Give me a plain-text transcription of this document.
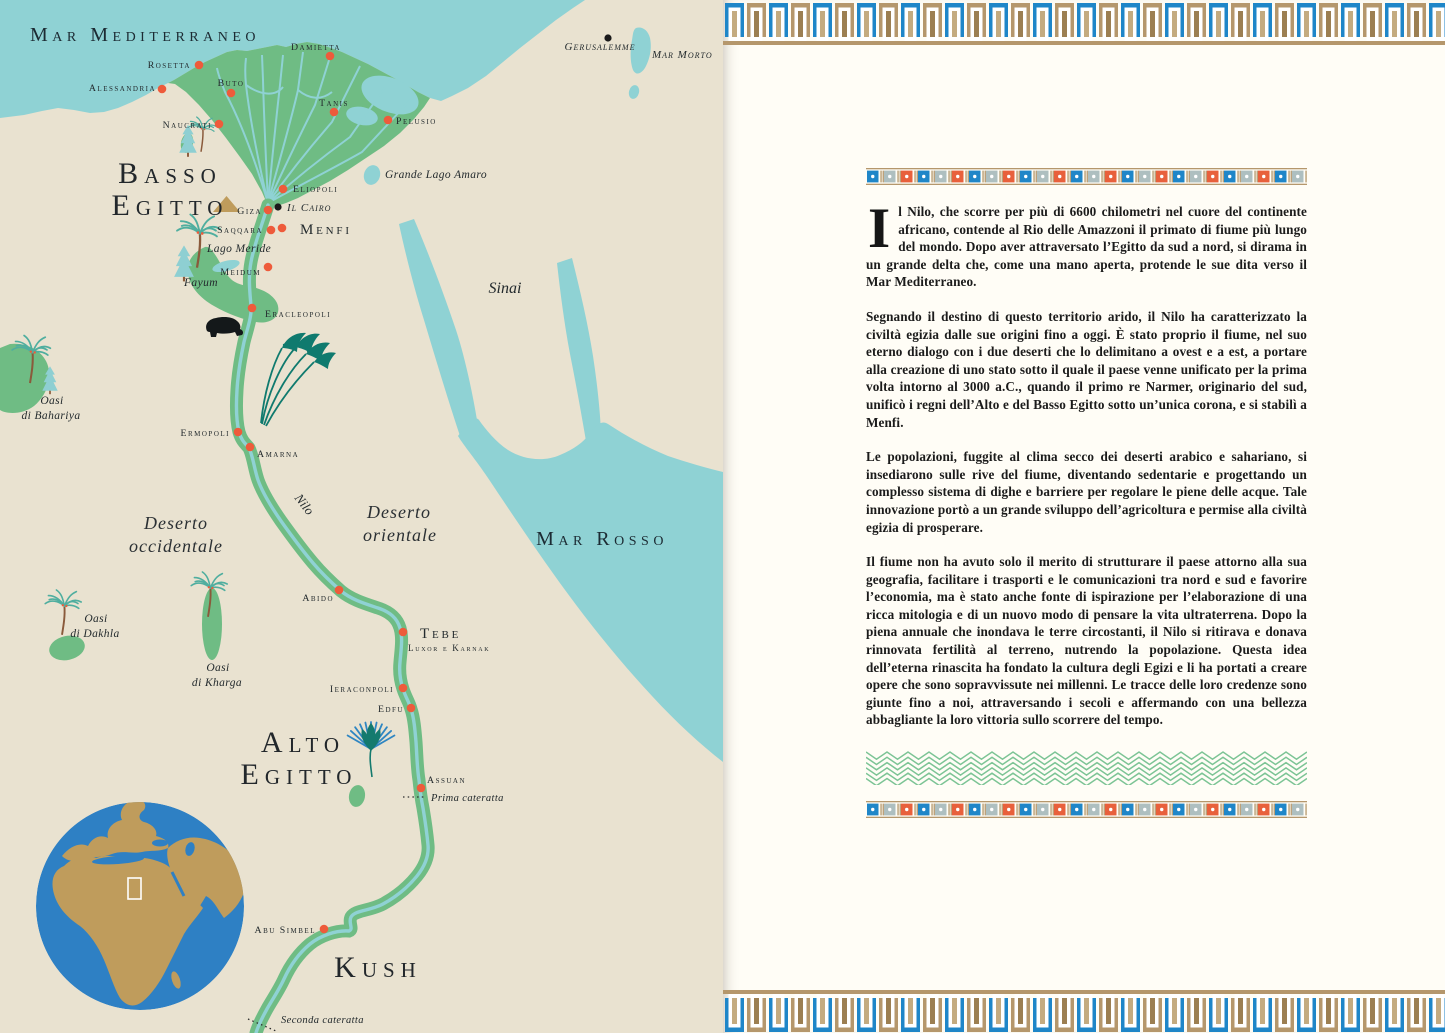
Mar Mediterraneo
Damietta
Rosetta
Alessandria	Buto
Tanis
Naucrati	Pelusio
Gerusalemme
Mar Morto
Basso
Egitto
Grande Lago Amaro
Eliopoli
Giza Il Cairo
Saqqara Menfi
Lago Meride
Meidum
Fayum
Eracleopoli
Sinai
Oasi
di Bahariya
Ermopoli
Amarna
Nilo
Deserto
occidentale
Deserto
orientale	Mar Rosso
Abido
Oasi
di Dakhla	Tebe
Luxor e Karnak
Oasi
di Kharga
Ieraconpoli
Edfu
Alto
Egitto	Assuan
Prima cateratta
Abu Simbel
Kush
Seconda cateratta

Il Nilo, che scorre per più di 6600 chilometri nel cuore del continente africano, contende al Rio delle Amazzoni il primato di fiume più lungo del mondo. Dopo aver attraversato l’Egitto da sud a nord, si dirama in un grande delta che, come una mano aperta, protende le sue dita verso il Mar Mediterraneo.

Segnando il destino di questo territorio arido, il Nilo ha caratterizzato la civiltà egizia dalle sue origini fino a oggi. È stato proprio il fiume, nel suo eterno dialogo con i due deserti che lo delimitano a ovest e a est, a portare alla creazione di uno stato sotto il quale il paese venne unificato per la prima volta intorno al 3000 a.C., quando il primo re Narmer, originario del sud, unificò i regni dell’Alto e del Basso Egitto sotto un’unica corona, e si stabilì a Menfi.

Le popolazioni, fuggite al clima secco dei deserti arabico e sahariano, si insediarono sulle rive del fiume, diventando sedentarie e progettando un complesso sistema di dighe e barriere per regolare le piene delle acque. Tale innovazione portò a un grande sviluppo dell’agricoltura e permise alla civiltà egizia di prosperare.

Il fiume non ha avuto solo il merito di strutturare il paese attorno alla sua geografia, facilitare i trasporti e le comunicazioni tra nord e sud e favorire l’economia, ma è stato anche fonte di ispirazione per l’elaborazione di una ricca mitologia e di un nuovo modo di pensare la vita ultraterrena. Dopo la piena annuale che inondava le terre circostanti, il Nilo si ritirava e donava rinnovata fertilità al terreno, nutrendo la popolazione. Questa idea dell’eterna rinascita ha fondato la cultura degli Egizi e li ha portati a creare opere che sono sopravvissute nei millenni. Le tracce delle loro credenze sono giunte fino a noi, attraversando i secoli e affermando con una bellezza abbagliante la loro vittoria sullo scorrere del tempo.
